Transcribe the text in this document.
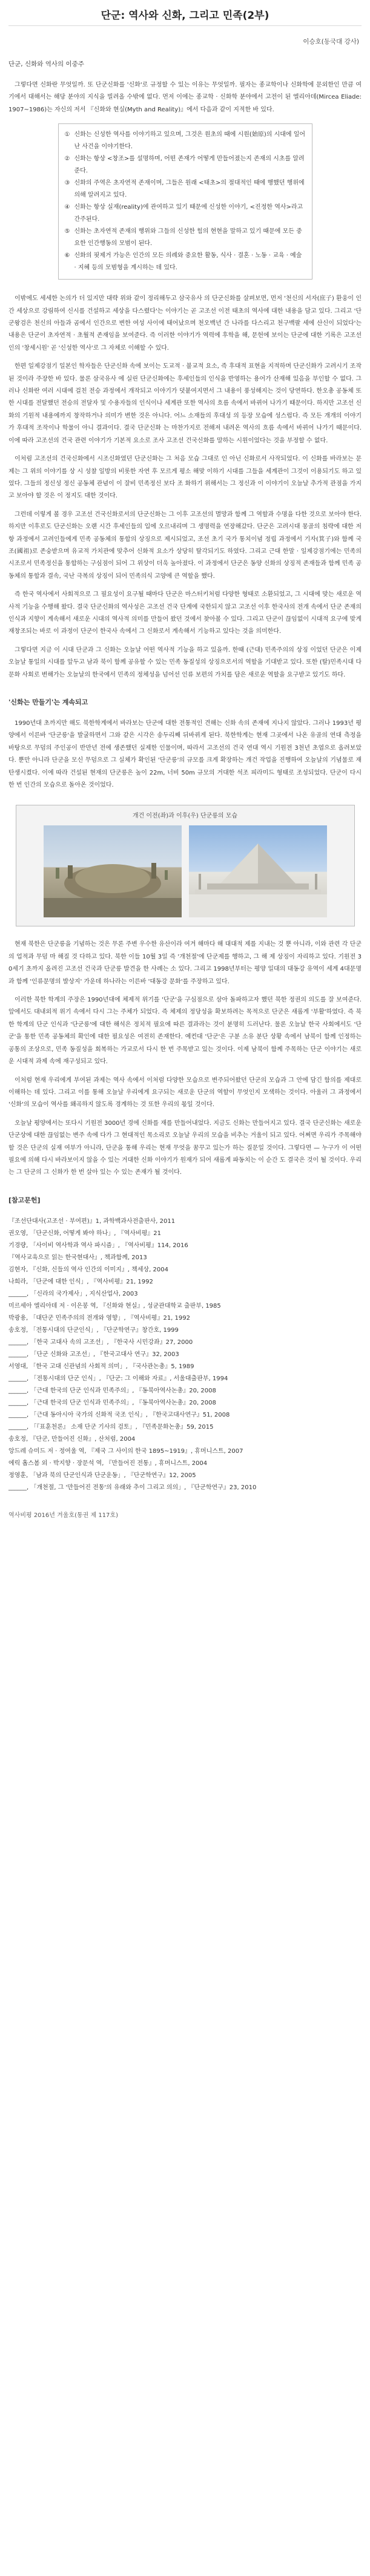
단군: 역사와 신화, 그리고 민족(2부)
이승호(동국대 강사)
단군, 신화와 역사의 이중주

그렇다면 신화란 무엇일까. 또 단군신화를 '신화'로 규정할 수 있는 이유는 무엇일까. 필자는 종교학이나 신화학에 문외한인 만큼 여기에서 대해서는 해당 분야의 지식을 빌려올 수밖에 없다. 먼저 이에는 종교학 · 신화학 분야에서 고전이 된 엘리아데(Mircea Eliade: 1907~1986)는 자신의 저서 『신화와 현실(Myth and Reality)』에서 다음과 같이 지적한 바 있다.

① 신화는 신성한 역사를 이야기하고 있으며, 그것은 원초의 때에 시원(始原)의 시대에 일어난 사건을 이야기한다.
② 신화는 항상 <창조>를 설명하며, 어떤 존재가 어떻게 만들어졌는지 존재의 시초를 알려 준다.
③ 신화의 주역은 초자연적 존재이며, 그들은 원래 <태초>의 절대적인 때에 행했던 행위에 의해 알려지고 있다.
④ 신화는 항상 실재(reality)에 관여하고 있기 때문에 신성한 이야기, <진정한 역사>라고 간주된다.
⑤ 신화는 초자연적 존재의 행위와 그들의 신성한 힘의 현현을 말하고 있기 때문에 모든 중요한 인간행동의 모범이 된다.
⑥ 신화의 핏제거 가능은 인간의 모든 의례와 중요한 활동, 식사 · 결혼 · 노동 · 교육 · 예술 · 지혜 등의 모범형을 계시하는 데 있다.

이밖에도 세세한 논의가 더 있지만 대략 위와 같이 정리해두고 삼국유사 의 단군신화를 살펴보면, 먼저 '천신의 서자(庶子) 환웅이 인간 세상으로 강림하여 신시를 건설하고 세상을 다스렸다'는 이야기는 곧 고조선 이전 태초의 역사에 대한 내용을 담고 있다. 그리고 '단군왕검은 천신의 아들과 곰에서 인간으로 변한 여성 사이에 태어났으며 천오백년 간 나라를 다스리고 천구백팔 세에 산신이 되었다'는 내용은 단군이 초자연적 · 초월적 존재임을 보여준다. 즉 이러한 이야기가 역력에 후학을 해, 문헌에 보이는 단군에 대한 기록은 고조선인의 '창세시원' 곧 '신성한 역사'로 그 자체로 이해할 수 있다.

한편 일제강점기 일본인 학자들은 단군신화 속에 보이는 도교적 · 불교적 요소, 즉 후대적 표현을 지적하며 단군신화가 고려시기 조작된 것이라 주장한 바 있다. 물론 삼국유사 에 실린 단군신화에는 후세인들의 인식을 반영하는 용어가 산재해 있음을 부인할 수 없다. 그러나 신화란 여러 시대에 걸친 전승 과정에서 개작되고 이야기가 덧붙여지면서 그 내용이 풍성해지는 것이 당연하다. 한오총 공동체 또한 시대를 전달했던 전승의 전달자 및 수용자들의 인식이나 세계관 또한 역사의 흐름 속에서 바뀌어 나가기 때문이다. 하지만 고조선 신화의 기원적 내용에까지 창작하거나 의미가 변한 것은 아니다. 어느 소재들의 후대성 의 등장 모습에 성스럽다. 즉 모든 개개의 이야기가 후대적 조작이나 학물이 아니 결과이다. 결국 단군신화 는 마찬가지로 전해져 내려온 역사의 흐름 속에서 바뀌어 나가기 때문이다. 이에 따라 고조선의 건국 관련 이야기가 기본적 요소로 조사 고조선 건국신화를 말하는 시원이었다는 것을 부정할 수 없다.

이처럼 고조선의 건국신화에서 시조신화였던 단군신화는 그 처음 모습 그대로 인 아닌 신화로서 사작되었다. 이 신화를 바라보는 문제는 그 위의 이야기를 상 시 성찰 일방의 비롯한 자연 후 모르게 평소 해맞 이하기 시대를 그들을 세계관이 그것이 이용되기도 하고 있었다. 그들의 정신성 정신 공동체 관념이 이 잘비 민족정신 보다 조 화하기 위해서는 그 정신과 이 이야기이 오늘날 추가적 관점을 가지고 보아야 할 것은 이 정지도 대한 것이다.

그런데 이렇게 볼 경우 고조선 건국신화로서의 단군신화는 그 이후 고조선의 멸망과 함께 그 역할과 수명을 다한 것으로 보아야 한다. 하지만 이후로도 단군신화는 오랜 시간 후세인들의 입에 오르내리며 그 생명력을 연장해갔다. 단군은 고려시대 몽골의 침략에 대한 저항 과정에서 고려인들에게 민족 공동체의 통합의 상징으로 제시되었고, 조선 초기 국가 통치이념 정립 과정에서 기자(箕子)와 함께 국조(國祖)로 존숭받으며 유교적 가치관에 맞추어 신화적 요소가 상당히 탈각되기도 하였다. 그리고 근대 한말 · 일제강점기에는 민족의 시조로서 민족정신을 통합하는 구심점이 되어 그 위상이 더욱 높아졌다. 이 과정에서 단군은 동양 신화의 상징적 존재들과 함께 민족 공동체의 통합과 결속, 국난 극복의 상징이 되어 민족의식 고양에 큰 역할을 했다.

즉 한국 역사에서 사회적으로 그 필요성이 요구될 때마다 단군은 마스터키처럼 다양한 형태로 소환되었고, 그 시대에 맞는 새로운 역사적 기능을 수행해 왔다. 결국 단군신화의 역사성은 고조선 건국 단계에 국한되지 않고 고조선 이후 한국사의 전개 속에서 단군 존재의 인식과 지향이 계속해서 새로운 시대의 역사적 의미를 만들어 왔던 것에서 찾아볼 수 있다. 그리고 단군이 끊임없이 시대적 요구에 맞게 재창조되는 바로 이 과정이 단군이 한국사 속에서 그 신화로서 계속해서 기능하고 있다는 것을 의미한다.

그렇다면 지금 이 시대 단군과 그 신화는 오늘날 어떤 역사적 기능을 하고 있을까. 한때 (근대) 민족주의의 상징 이었던 단군은 이제 오늘날 통일의 시대를 앞두고 남과 북이 함께 공유할 수 있는 민족 동질성의 상징으로서의 역할을 기대받고 있다. 또한 (탈)민족시대 다문화 사회로 변해가는 오늘날의 한국에서 민족의 정체성을 넘어선 인류 보편의 가치를 담은 새로운 역할을 요구받고 있기도 하다.

'신화는 만들기'는 계속되고

1990년대 초까지만 해도 북한학계에서 바라보는 단군에 대한 전통적인 견해는 신화 속의 존재에 지나지 않았다. 그러나 1993년 평양에서 이른바 '단군릉'을 발굴하면서 그와 같은 시각은 송두리째 뒤바뀌게 된다. 북한학계는 현재 그곳에서 나온 유골의 연대 측정을 바탕으로 무덤의 주인공이 반만년 전에 생존했던 실제한 인물이며, 따라서 고조선의 건국 연대 역시 기원전 3천년 초엽으로 올려보았다. 뿐만 아니라 단군을 모신 무덤으로 그 실체가 확인된 '단군릉'의 규모를 크게 확장하는 개건 작업을 진행하여 오늘날의 기념물로 재탄생시켰다. 이에 따라 건설된 현재의 단군릉은 높이 22m, 너비 50m 규모의 거대한 석조 피라미드 형태로 조성되었다. 단군이 다시 한 번 인간의 모습으로 돌아온 것이었다.

개건 이전(좌)과 이후(우) 단군릉의 모습

현재 북한은 단군릉을 기념하는 것은 무론 주변 우수한 유산이라 여겨 해마다 해 대대적 제를 지내는 것 뿐 아니라, 이와 관련 각 단군의 업적과 무덤 마 해질 것 다하고 있다. 북한 이들 10월 3일 즉 '개천절'에 단군제를 행하고, 그 해 제 상징이 자리하고 있다. 기원전 30세기 초까지 올려진 고조선 건국과 단군릉 발견을 한 사례는 소 있다. 그리고 1998년부터는 평양 일대의 대동강 유역이 세계 4대문명과 함께 '인류문명의 발상지' 가운데 하나라는 이른바 '대동강 문화'를 주장하고 있다.

이러한 북한 학계의 주장은 1990년대에 체제적 위기를 '단군'을 구심점으로 삼아 돌파하고자 했던 북한 정권의 의도를 잘 보여준다. 앞에서도 대내외적 위기 속에서 다시 그는 주체가 되었다. 즉 체제의 정당성을 확보하려는 목적으로 단군은 새롭게 '부활'하였다. 즉 북한 학계의 단군 인식과 '단군릉'에 대한 해석은 정치적 필요에 따른 결과라는 것이 분명히 드러난다. 물론 오늘날 한국 사회에서도 '단군'을 통한 민족 공동체의 확인에 대한 필요성은 여전히 존재한다. 예컨대 '단군'은 구분 소유 분단 상황 속에서 남북이 함께 인정하는 공통의 조상으로, 민족 동질성을 회복하는 가교로서 다시 한 번 주목받고 있는 것이다. 이제 남북이 함께 주목하는 단군 이야기는 새로운 시대적 과제 속에 재구성되고 있다.

이처럼 현재 우리에게 부여된 과제는 역사 속에서 이처럼 다양한 모습으로 변주되어왔던 단군의 모습과 그 안에 담긴 함의를 제대로 이해하는 데 있다. 그리고 이를 통해 오늘날 우리에게 요구되는 새로운 단군의 역할이 무엇인지 모색하는 것이다. 아울러 그 과정에서 '신화'의 모습이 역사를 왜곡하지 않도록 경계하는 것 또한 우리의 몫일 것이다.

오늘날 평양에서는 또다시 기원전 3000년 경에 신화를 재를 만들어내었다. 지금도 신화는 만들어지고 있다. 결국 단군신화는 새로운 단군상에 대한 끊임없는 변주 속에 다가 그 현대적인 목소리로 오늘날 우리의 모습을 비추는 거울이 되고 있다. 어쩌면 우리가 주목해야 할 것은 단군의 실재 여부가 아니라, 단군을 통해 우리는 현재 무엇을 꿈꾸고 있는가 하는 질문일 것이다. 그렇다면 — 누구가 이 어떤 필요에 의해 다시 바라보이지 않을 수 있는 거대한 신화 이야기가 원재가 되어 새롭게 파동치는 이 순간 도 결국은 것이 될 것이다. 우리는 그 단군의 그 신화가 한 번 살아 있는 수 있는 존재가 될 것이다.

[참고문헌]

『조선단대사(고조선 · 부여편)』1, 과학백과사전출판사, 2011

권오영, 「단군신화, 어떻게 봐야 하나」, 『역사비평』21

기경량, 「사이비 역사학과 역사 파시즘」, 『역사비평』114, 2016

『역사교육으로 읽는 한국현대사』, 책과함께, 2013

김현자, 『신화, 신들의 역사 인간의 이미지』, 책세상, 2004

나희라, 「단군에 대한 인식」, 『역사비평』21, 1992

______, 「신라의 국가제사」, 지식산업사, 2003

미르세아 엘리아데 저 · 이은봉 역, 『신화와 현실』, 성균관대학교 출판부, 1985

박광용, 「대단군 민족주의의 전개와 영향」, 『역사비평』21, 1992

송호정, 「전통시대의 단군인식」, 『단군학연구』창간호, 1999

______, 「한국 고대사 속의 고조선」, 『한국사 시민강좌』27, 2000

______, 「단군 신화와 고조선」, 『한국고대사 연구』32, 2003

서영대, 「한국 고대 신관념의 사회적 의미」, 『국사관논총』5, 1989

______, 「전통시대의 단군 인식」, 『단군: 그 이해와 자료』, 서울대출판부, 1994

______, 「근대 한국의 단군 인식과 민족주의」, 『동북아역사논총』20, 2008

______, 「근대 한국의 단군 인식과 민족주의」, 『동북아역사논총』20, 2008

______, 「근대 동아시아 국가의 신화적 국조 인식」, 『한국고대사연구』51, 2008

______, 「『표훈천론』 소재 단군 기사의 검토」, 『민족문화논총』59, 2015

송호정, 『단군, 만들어진 신화』, 산처럼, 2004

앙드레 슈미드 저 · 정여울 역, 『제국 그 사이의 한국 1895~1919』, 휴머니스트, 2007

에릭 홉스봄 외 · 박지향 · 장문석 역, 『만들어진 전통』, 휴머니스트, 2004

정영훈, 「남과 북의 단군인식과 단군운동」, 『단군학연구』12, 2005

______, 「개천절, 그 '만들어진 전통'의 유래와 추이 그리고 의의」, 『단군학연구』23, 2010

역사비평 2016년 겨울호(통권 제 117호)
